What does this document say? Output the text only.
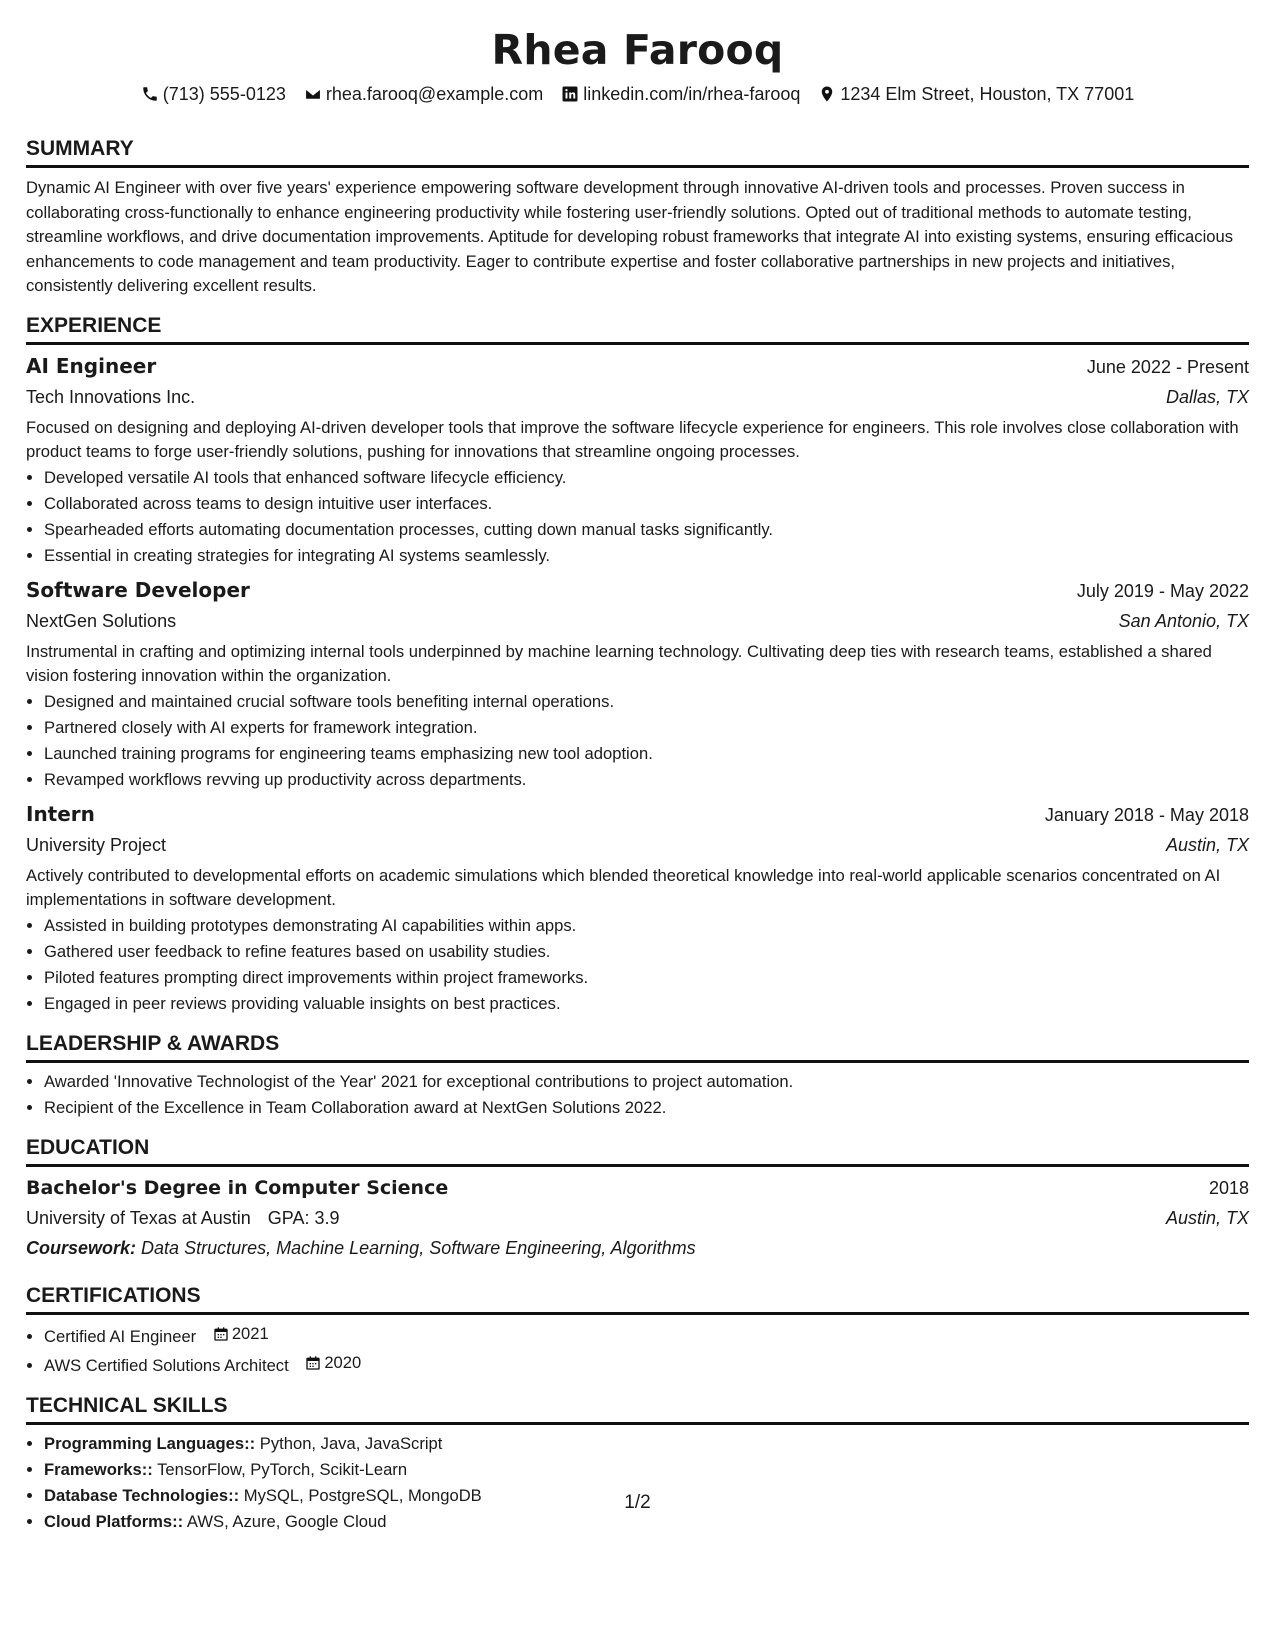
Rhea Farooq
(713) 555-0123 rhea.farooq@example.com linkedin.com/in/rhea-farooq 1234 Elm Street, Houston, TX 77001
SUMMARY

Dynamic AI Engineer with over five years' experience empowering software development through innovative AI-driven tools and processes. Proven success in collaborating cross-functionally to enhance engineering productivity while fostering user-friendly solutions. Opted out of traditional methods to automate testing, streamline workflows, and drive documentation improvements. Aptitude for developing robust frameworks that integrate AI into existing systems, ensuring efficacious enhancements to code management and team productivity. Eager to contribute expertise and foster collaborative partnerships in new projects and initiatives, consistently delivering excellent results.

EXPERIENCE
AI Engineer	June 2022 - Present
Tech Innovations Inc.	Dallas, TX

Focused on designing and deploying AI-driven developer tools that improve the software lifecycle experience for engineers. This role involves close collaboration with product teams to forge user-friendly solutions, pushing for innovations that streamline ongoing processes.

• Developed versatile AI tools that enhanced software lifecycle efficiency.
• Collaborated across teams to design intuitive user interfaces.
• Spearheaded efforts automating documentation processes, cutting down manual tasks significantly.
• Essential in creating strategies for integrating AI systems seamlessly.
Software Developer	July 2019 - May 2022
NextGen Solutions	San Antonio, TX

Instrumental in crafting and optimizing internal tools underpinned by machine learning technology. Cultivating deep ties with research teams, established a shared vision fostering innovation within the organization.

• Designed and maintained crucial software tools benefiting internal operations.
• Partnered closely with AI experts for framework integration.
• Launched training programs for engineering teams emphasizing new tool adoption.
• Revamped workflows revving up productivity across departments.
Intern	January 2018 - May 2018
University Project	Austin, TX

Actively contributed to developmental efforts on academic simulations which blended theoretical knowledge into real-world applicable scenarios concentrated on AI implementations in software development.

• Assisted in building prototypes demonstrating AI capabilities within apps.
• Gathered user feedback to refine features based on usability studies.
• Piloted features prompting direct improvements within project frameworks.
• Engaged in peer reviews providing valuable insights on best practices.
LEADERSHIP & AWARDS
• Awarded 'Innovative Technologist of the Year' 2021 for exceptional contributions to project automation.
• Recipient of the Excellence in Team Collaboration award at NextGen Solutions 2022.
EDUCATION
Bachelor's Degree in Computer Science	2018
University of Texas at Austin GPA: 3.9	Austin, TX
Coursework: Data Structures, Machine Learning, Software Engineering, Algorithms
CERTIFICATIONS
• Certified AI Engineer 2021
• AWS Certified Solutions Architect 2020
TECHNICAL SKILLS
• Programming Languages:: Python, Java, JavaScript
• Frameworks:: TensorFlow, PyTorch, Scikit-Learn
• Database Technologies:: MySQL, PostgreSQL, MongoDB
• Cloud Platforms:: AWS, Azure, Google Cloud
1/2
